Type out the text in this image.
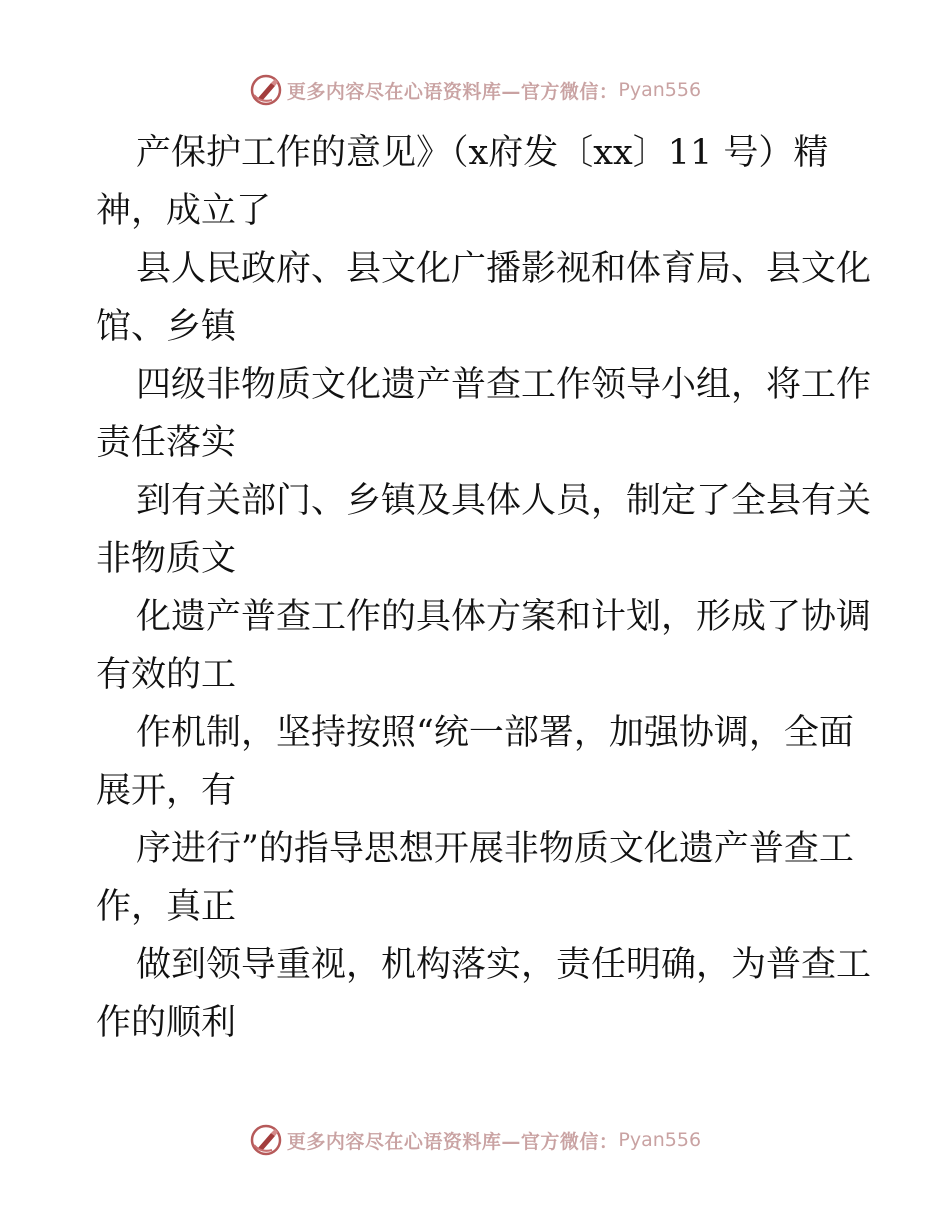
更多内容尽在心语资料库—官方微信： Pyan556
产保护工作的意见》（x府发〔xx〕11 号）精
神，成立了
县人民政府、县文化广播影视和体育局、县文化
馆、乡镇
四级非物质文化遗产普查工作领导小组，将工作
责任落实
到有关部门、乡镇及具体人员，制定了全县有关
非物质文
化遗产普查工作的具体方案和计划，形成了协调
有效的工
作机制，坚持按照“统一部署，加强协调，全面
展开，有
序进行”的指导思想开展非物质文化遗产普查工
作，真正
做到领导重视，机构落实，责任明确，为普查工
作的顺利
更多内容尽在心语资料库—官方微信： Pyan556
